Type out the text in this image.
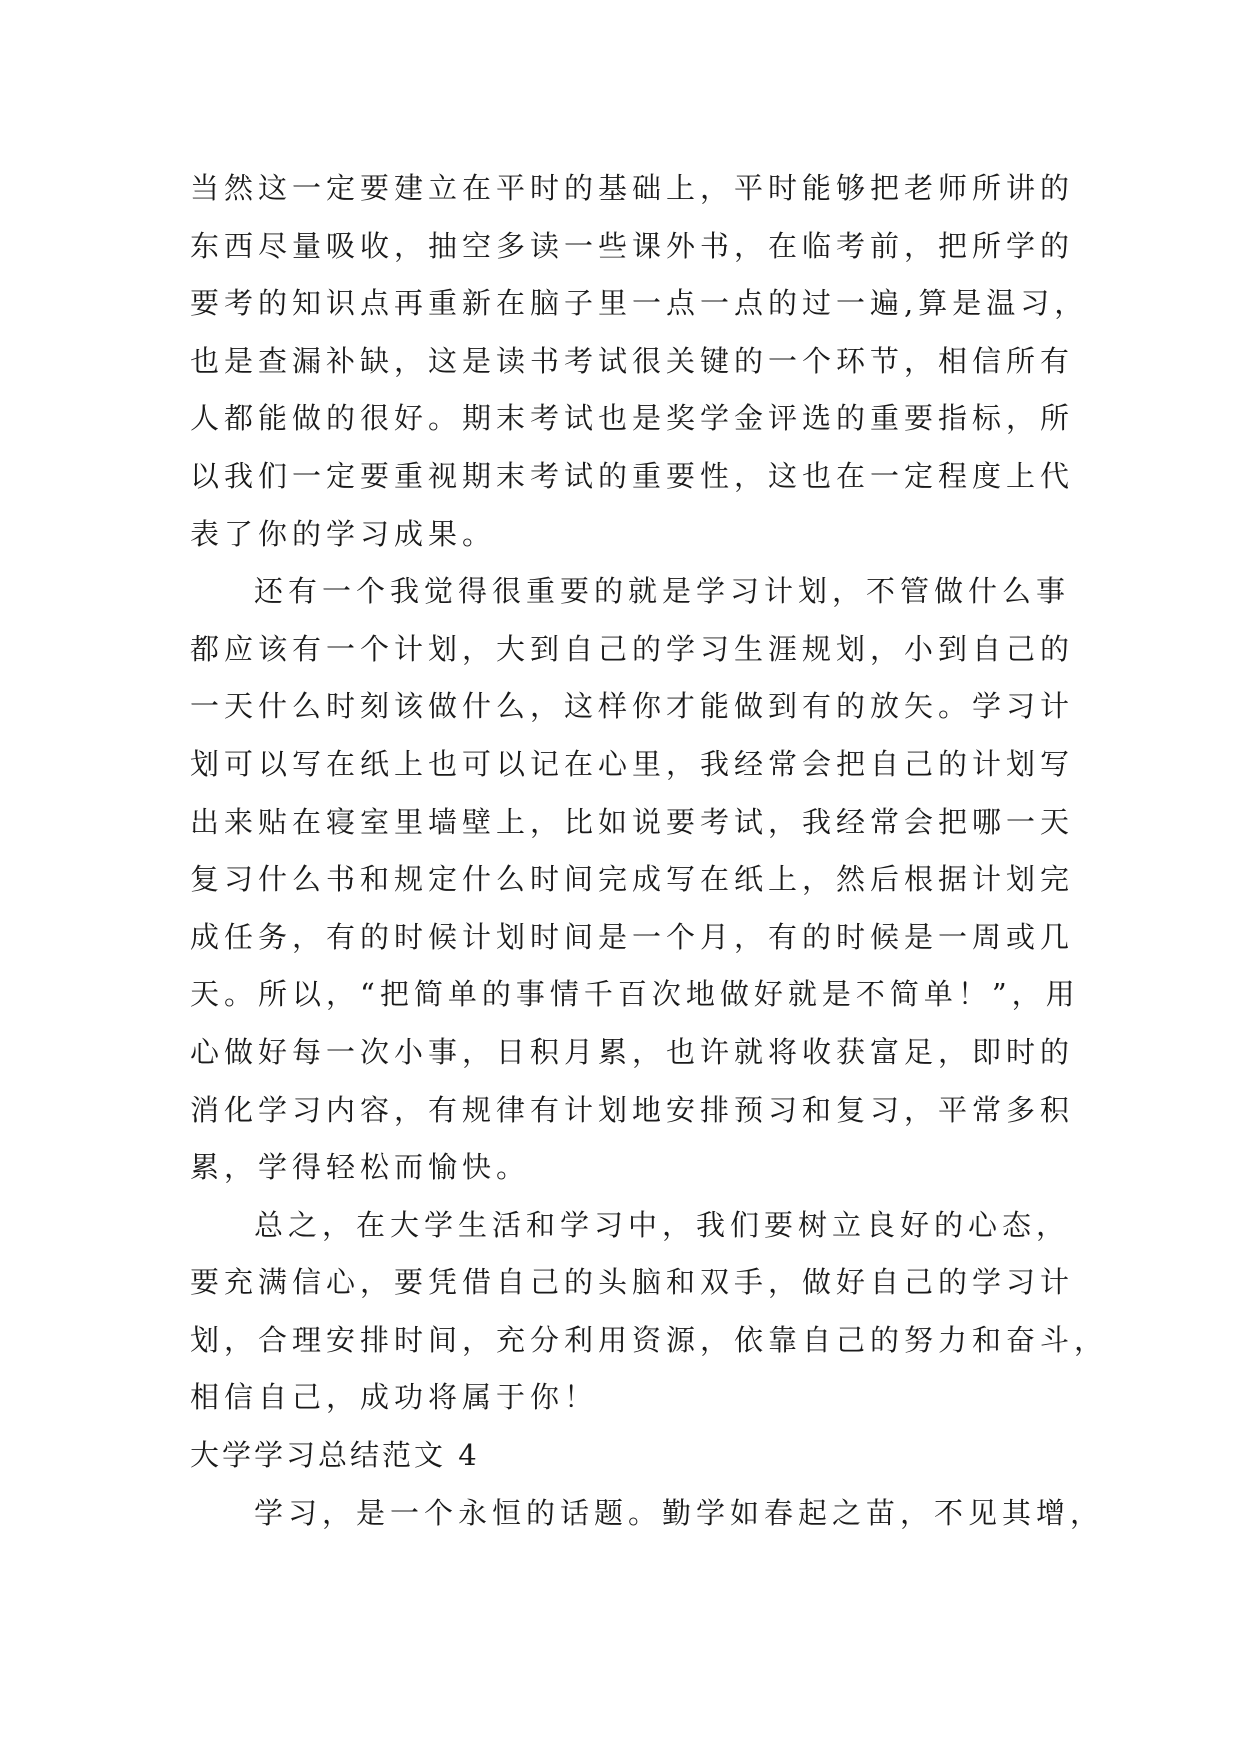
当然这一定要建立在平时的基础上，平时能够把老师所讲的
东西尽量吸收，抽空多读一些课外书，在临考前，把所学的
要考的知识点再重新在脑子里一点一点的过一遍,算是温习，
也是查漏补缺，这是读书考试很关键的一个环节，相信所有
人都能做的很好。期末考试也是奖学金评选的重要指标，所
以我们一定要重视期末考试的重要性，这也在一定程度上代
表了你的学习成果。
还有一个我觉得很重要的就是学习计划，不管做什么事
都应该有一个计划，大到自己的学习生涯规划，小到自己的
一天什么时刻该做什么，这样你才能做到有的放矢。学习计
划可以写在纸上也可以记在心里，我经常会把自己的计划写
出来贴在寝室里墙壁上，比如说要考试，我经常会把哪一天
复习什么书和规定什么时间完成写在纸上，然后根据计划完
成任务，有的时候计划时间是一个月，有的时候是一周或几
天。所以，“把简单的事情千百次地做好就是不简单！”，用
心做好每一次小事，日积月累，也许就将收获富足，即时的
消化学习内容，有规律有计划地安排预习和复习，平常多积
累，学得轻松而愉快。
总之，在大学生活和学习中，我们要树立良好的心态，
要充满信心，要凭借自己的头脑和双手，做好自己的学习计
划，合理安排时间，充分利用资源，依靠自己的努力和奋斗，
相信自己，成功将属于你！
大学学习总结范文 4
学习，是一个永恒的话题。勤学如春起之苗，不见其增，
